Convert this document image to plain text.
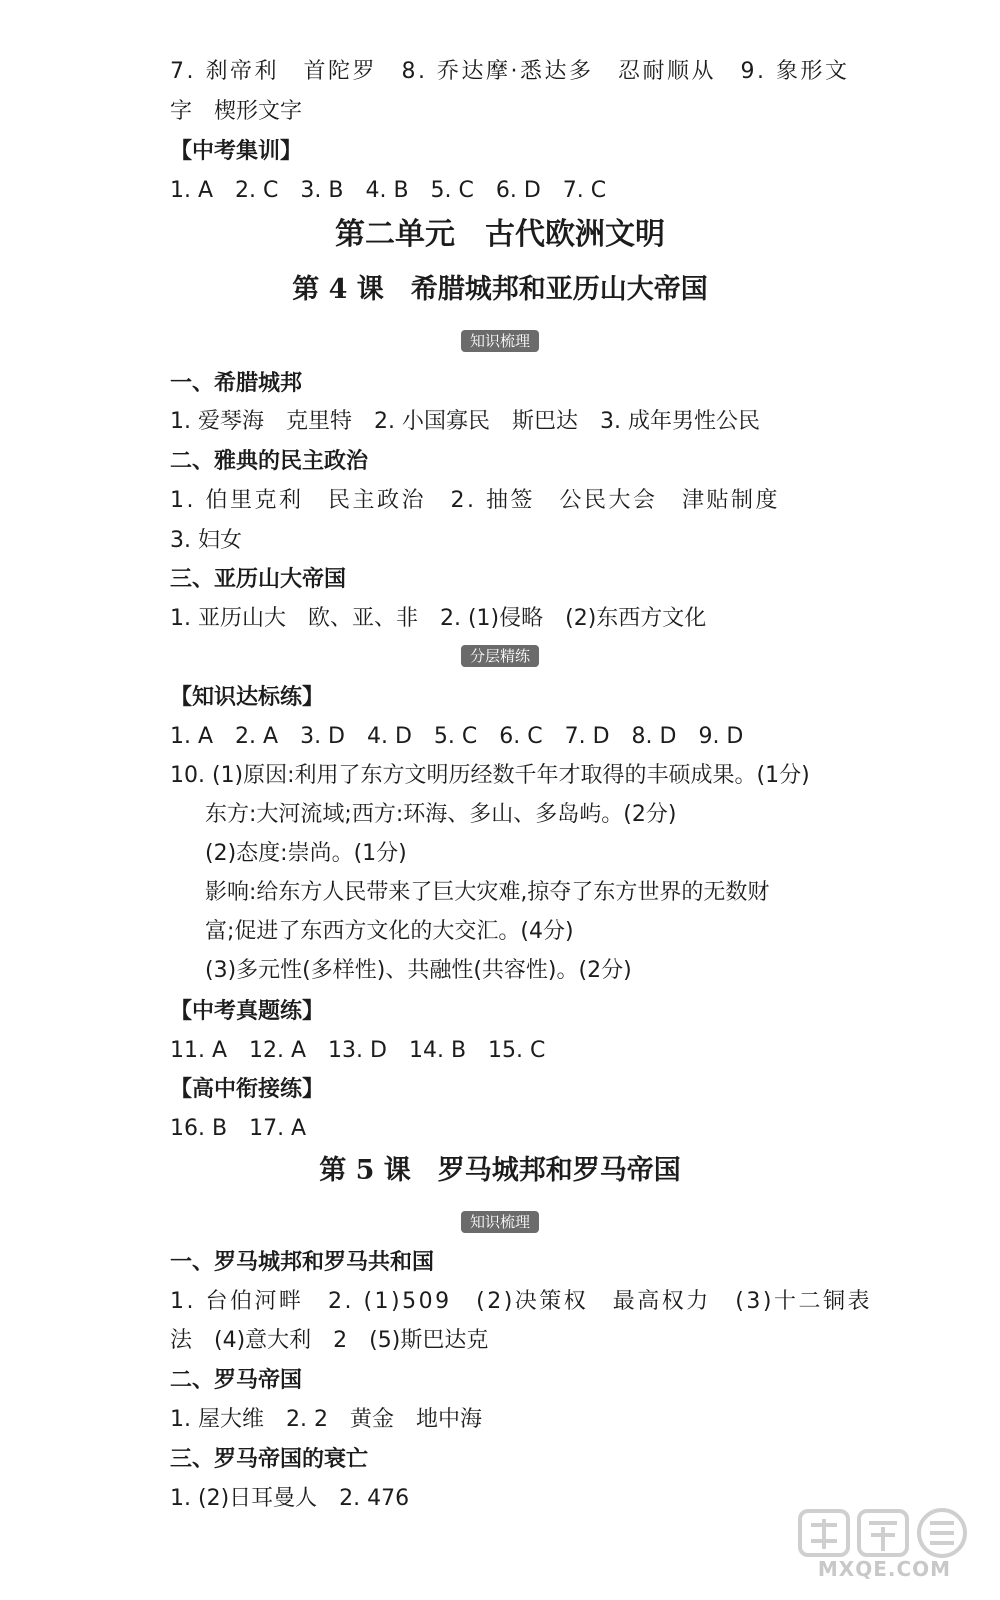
7. 刹帝利　首陀罗　8. 乔达摩·悉达多　忍耐顺从　9. 象形文
字　楔形文字
【中考集训】
1. A　2. C　3. B　4. B　5. C　6. D　7. C
第二单元　古代欧洲文明
第 4 课　希腊城邦和亚历山大帝国
知识梳理
一、希腊城邦
1. 爱琴海　克里特　2. 小国寡民　斯巴达　3. 成年男性公民
二、雅典的民主政治
1. 伯里克利　民主政治　2. 抽签　公民大会　津贴制度
3. 妇女
三、亚历山大帝国
1. 亚历山大　欧、亚、非　2. (1)侵略　(2)东西方文化
分层精练
【知识达标练】
1. A　2. A　3. D　4. D　5. C　6. C　7. D　8. D　9. D
10. (1)原因:利用了东方文明历经数千年才取得的丰硕成果。(1分)
东方:大河流域;西方:环海、多山、多岛屿。(2分)
(2)态度:崇尚。(1分)
影响:给东方人民带来了巨大灾难,掠夺了东方世界的无数财
富;促进了东西方文化的大交汇。(4分)
(3)多元性(多样性)、共融性(共容性)。(2分)
【中考真题练】
11. A　12. A　13. D　14. B　15. C
【高中衔接练】
16. B　17. A
第 5 课　罗马城邦和罗马帝国
知识梳理
一、罗马城邦和罗马共和国
1. 台伯河畔　2. (1)509　(2)决策权　最高权力　(3)十二铜表
法　(4)意大利　2　(5)斯巴达克
二、罗马帝国
1. 屋大维　2. 2　黄金　地中海
三、罗马帝国的衰亡
1. (2)日耳曼人　2. 476
MXQE.COM
